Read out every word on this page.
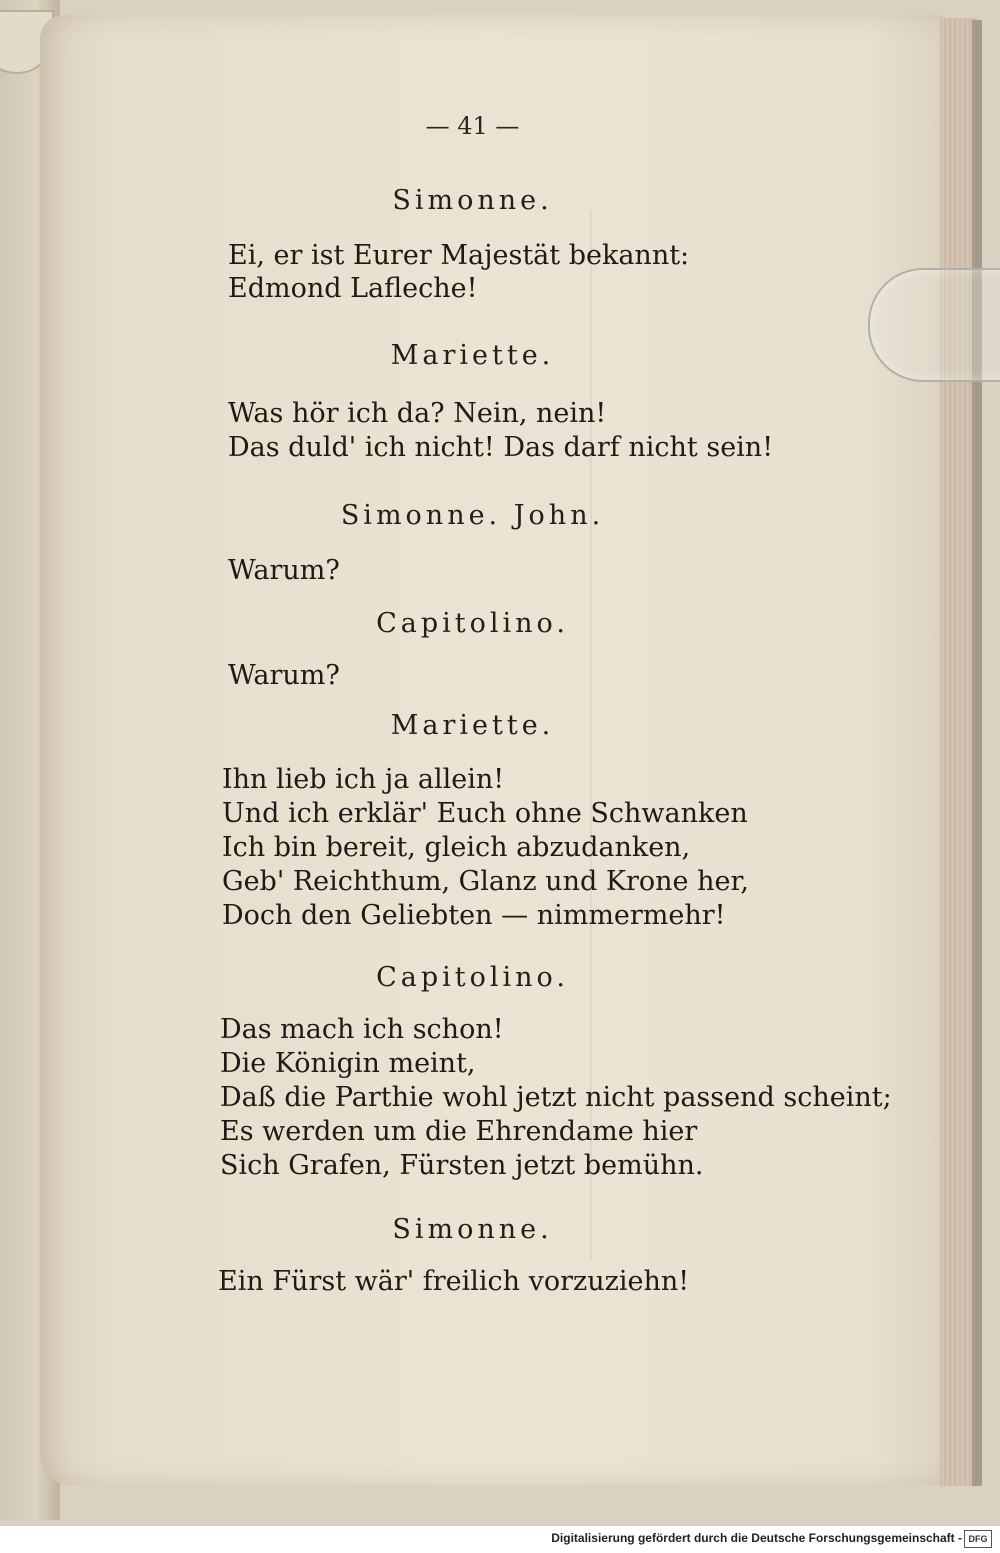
— 41 —
Simonne.
Ei, er ist Eurer Majestät bekannt:
Edmond Lafleche!
Mariette.
Was hör ich da? Nein, nein!
Das duld' ich nicht! Das darf nicht sein!
Simonne. John.
Warum?
Capitolino.
Warum?
Mariette.
Ihn lieb ich ja allein!
Und ich erklär' Euch ohne Schwanken
Ich bin bereit, gleich abzudanken,
Geb' Reichthum, Glanz und Krone her,
Doch den Geliebten — nimmermehr!
Capitolino.
Das mach ich schon!
Die Königin meint,
Daß die Parthie wohl jetzt nicht passend scheint;
Es werden um die Ehrendame hier
Sich Grafen, Fürsten jetzt bemühn.
Simonne.
Ein Fürst wär' freilich vorzuziehn!
Digitalisierung gefördert durch die Deutsche Forschungsgemeinschaft - DFG
